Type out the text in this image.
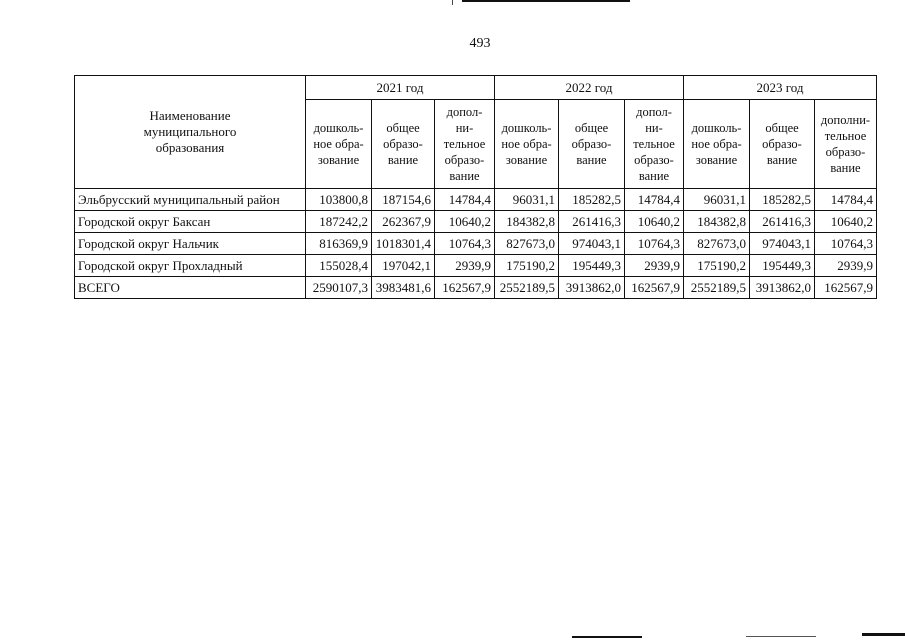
493
Наименование
муниципального
образования	2021 год			2022 год			2023 год		
	дошколь-
ное обра-
зование	общее
образо-
вание	допол-
ни-
тельное
образо-
вание	дошколь-
ное обра-
зование	общее
образо-
вание	допол-
ни-
тельное
образо-
вание	дошколь-
ное обра-
зование	общее
образо-
вание	дополни-
тельное
образо-
вание
Эльбрусский муниципальный район	103800,8	187154,6	14784,4	96031,1	185282,5	14784,4	96031,1	185282,5	14784,4
Городской округ Баксан	187242,2	262367,9	10640,2	184382,8	261416,3	10640,2	184382,8	261416,3	10640,2
Городской округ Нальчик	816369,9	1018301,4	10764,3	827673,0	974043,1	10764,3	827673,0	974043,1	10764,3
Городской округ Прохладный	155028,4	197042,1	2939,9	175190,2	195449,3	2939,9	175190,2	195449,3	2939,9
ВСЕГО	2590107,3	3983481,6	162567,9	2552189,5	3913862,0	162567,9	2552189,5	3913862,0	162567,9
